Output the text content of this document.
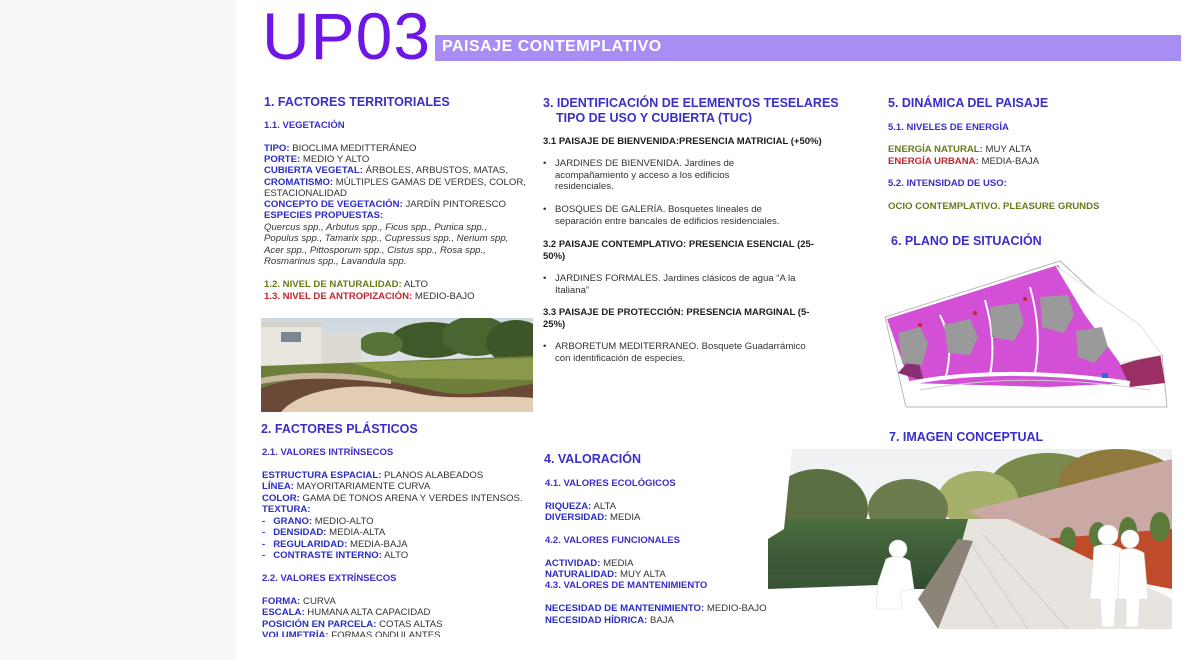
UP03 PAISAJE CONTEMPLATIVO
1. FACTORES TERRITORIALES
1.1. VEGETACIÓN
TIPO: BIOCLIMA MEDITTERÁNEO
PORTE: MEDIO Y ALTO
CUBIERTA VEGETAL: ÁRBOLES, ARBUSTOS, MATAS,
CROMATISMO: MÚLTIPLES GAMAS DE VERDES, COLOR,
ESTACIONALIDAD
CONCEPTO DE VEGETACIÓN: JARDÍN PINTORESCO
ESPECIES PROPUESTAS:
Quercus spp., Arbutus spp., Ficus spp., Punica spp.,
Populus spp., Tamarix spp., Cupressus spp., Nerium spp,
Acer spp., Pittosporum spp., Cistus spp., Rosa spp.,
Rosmarinus spp., Lavandula spp.
1.2. NIVEL DE NATURALIDAD: ALTO
1.3. NIVEL DE ANTROPIZACIÓN: MEDIO-BAJO
2. FACTORES PLÁSTICOS
2.1. VALORES INTRÍNSECOS
ESTRUCTURA ESPACIAL: PLANOS ALABEADOS
LÍNEA: MAYORITARIAMENTE CURVA
COLOR: GAMA DE TONOS ARENA Y VERDES INTENSOS.
TEXTURA:
- GRANO: MEDIO-ALTO
- DENSIDAD: MEDIA-ALTA
- REGULARIDAD: MEDIA-BAJA
- CONTRASTE INTERNO: ALTO
2.2. VALORES EXTRÍNSECOS
FORMA: CURVA
ESCALA: HUMANA ALTA CAPACIDAD
POSICIÓN EN PARCELA: COTAS ALTAS
VOLUMETRÍA: FORMAS ONDULANTES
3. IDENTIFICACIÓN DE ELEMENTOS TESELARES
TIPO DE USO Y CUBIERTA (TUC)
3.1 PAISAJE DE BIENVENIDA:PRESENCIA MATRICIAL (+50%)
• JARDINES DE BIENVENIDA. Jardines de
acompañamiento y acceso a los edificios
residenciales.
• BOSQUES DE GALERÍA. Bosquetes lineales de
separación entre bancales de edificios residenciales.
3.2 PAISAJE CONTEMPLATIVO: PRESENCIA ESENCIAL (25-
50%)
• JARDINES FORMALES. Jardines clásicos de agua “A la
Italiana”
3.3 PAISAJE DE PROTECCIÓN: PRESENCIA MARGINAL (5-
25%)
• ARBORETUM MEDITERRANEO. Bosquete Guadarrámico
con identificación de especies.
4. VALORACIÓN
4.1. VALORES ECOLÓGICOS
RIQUEZA: ALTA
DIVERSIDAD: MEDIA
4.2. VALORES FUNCIONALES
ACTIVIDAD: MEDIA
NATURALIDAD: MUY ALTA
4.3. VALORES DE MANTENIMIENTO
NECESIDAD DE MANTENIMIENTO: MEDIO-BAJO
NECESIDAD HÍDRICA: BAJA
5. DINÁMICA DEL PAISAJE
5.1. NIVELES DE ENERGÍA
ENERGÍA NATURAL: MUY ALTA
ENERGÍA URBANA: MEDIA-BAJA
5.2. INTENSIDAD DE USO:
OCIO CONTEMPLATIVO. PLEASURE GRUNDS
6. PLANO DE SITUACIÓN
7. IMAGEN CONCEPTUAL
